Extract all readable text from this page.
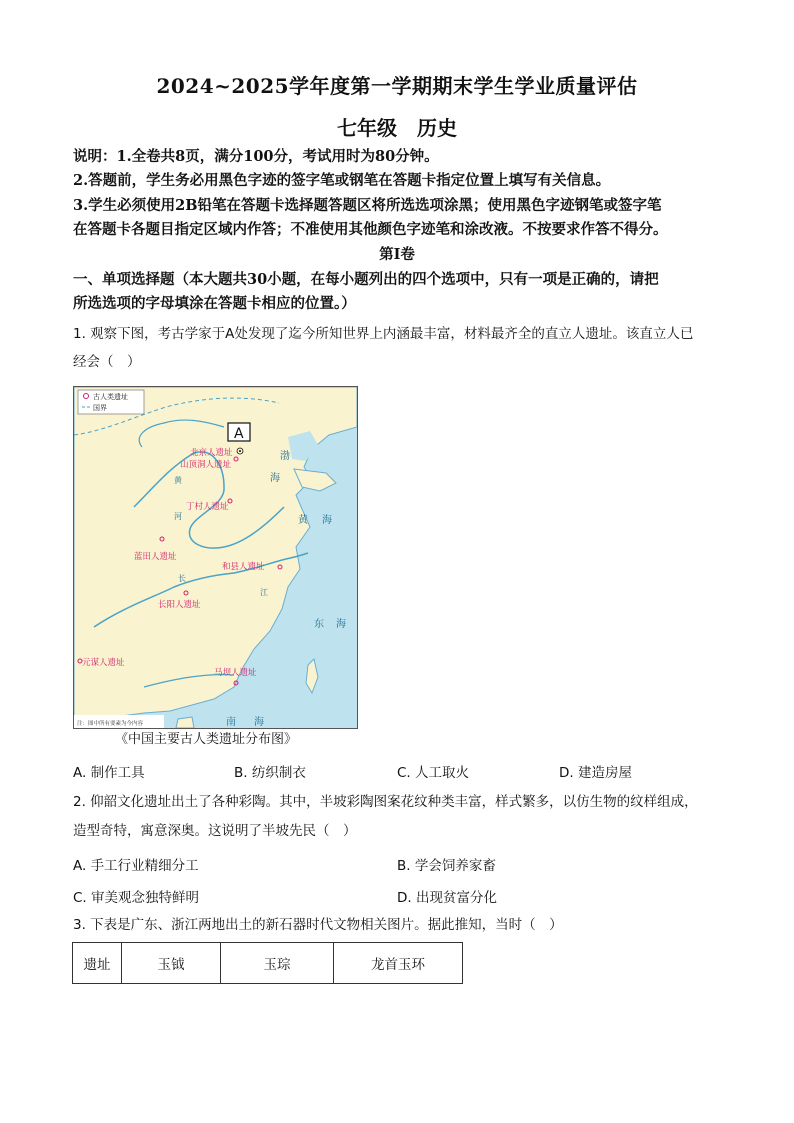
2024~2025学年度第一学期期末学生学业质量评估
七年级　历史
说明：1.全卷共8页，满分100分，考试用时为80分钟。
2.答题前，学生务必用黑色字迹的签字笔或钢笔在答题卡指定位置上填写有关信息。
3.学生必须使用2B铅笔在答题卡选择题答题区将所选选项涂黑；使用黑色字迹钢笔或签字笔
在答题卡各题目指定区域内作答；不准使用其他颜色字迹笔和涂改液。不按要求作答不得分。
第Ⅰ卷
一、单项选择题（本大题共30小题，在每小题列出的四个选项中，只有一项是正确的，请把
所选选项的字母填涂在答题卡相应的位置。）
1. 观察下图，考古学家于A处发现了迄今所知世界上内涵最丰富，材料最齐全的直立人遗址。该直立人已
经会（　）
古人类遗址
国界
A
北京人遗址
山顶洞人遗址
丁村人遗址
蓝田人遗址
和县人遗址
长阳人遗址
元谋人遗址
马坝人遗址
渤
海
黄 海
东 海
南 海
黄
河
长
江
注：图中所有要素为今内容
《中国主要古人类遗址分布图》
A. 制作工具	B. 纺织制衣	C. 人工取火	D. 建造房屋
2. 仰韶文化遗址出土了各种彩陶。其中，半坡彩陶图案花纹种类丰富，样式繁多，以仿生物的纹样组成，
造型奇特，寓意深奥。这说明了半坡先民（　）
A. 手工行业精细分工	B. 学会饲养家畜
C. 审美观念独特鲜明	D. 出现贫富分化
3. 下表是广东、浙江两地出土的新石器时代文物相关图片。据此推知，当时（　）
遗址	玉钺	玉琮	龙首玉环
